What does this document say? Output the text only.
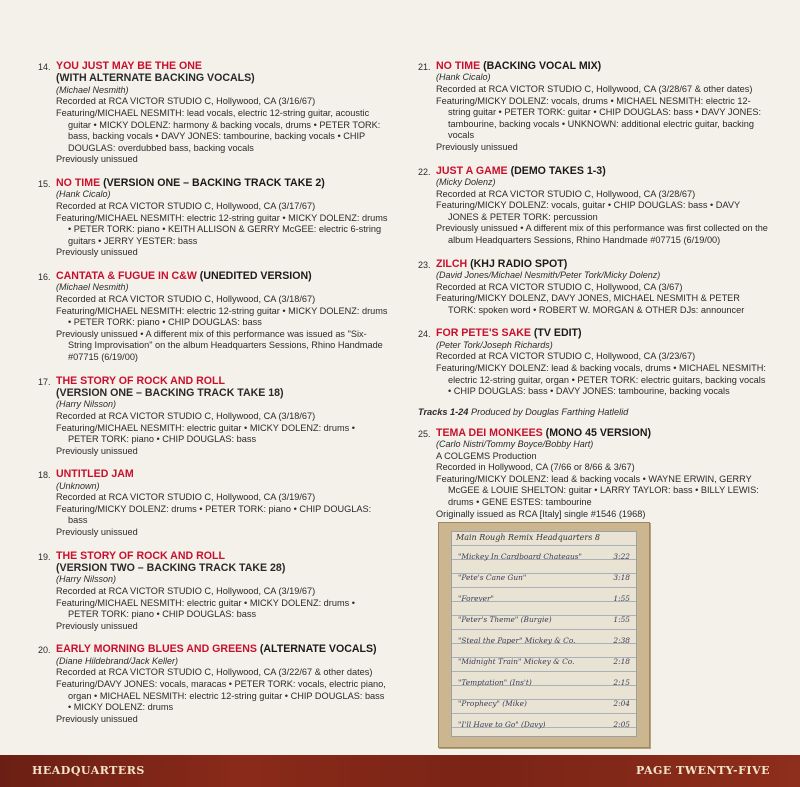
14. YOU JUST MAY BE THE ONE
(WITH ALTERNATE BACKING VOCALS)
(Michael Nesmith)
Recorded at RCA VICTOR STUDIO C, Hollywood, CA (3/16/67)
Featuring/MICHAEL NESMITH: lead vocals, electric 12-string guitar, acoustic guitar • MICKY DOLENZ: harmony & backing vocals, drums • PETER TORK: bass, backing vocals • DAVY JONES: tambourine, backing vocals • CHIP DOUGLAS: overdubbed bass, backing vocals
Previously unissued
15. NO TIME (VERSION ONE – BACKING TRACK TAKE 2)
(Hank Cicalo)
Recorded at RCA VICTOR STUDIO C, Hollywood, CA (3/17/67)
Featuring/MICHAEL NESMITH: electric 12-string guitar • MICKY DOLENZ: drums • PETER TORK: piano • KEITH ALLISON & GERRY McGEE: electric 6-string guitars • JERRY YESTER: bass
Previously unissued
16. CANTATA & FUGUE IN C&W (UNEDITED VERSION)
(Michael Nesmith)
Recorded at RCA VICTOR STUDIO C, Hollywood, CA (3/18/67)
Featuring/MICHAEL NESMITH: electric 12-string guitar • MICKY DOLENZ: drums • PETER TORK: piano • CHIP DOUGLAS: bass
Previously unissued • A different mix of this performance was issued as "Six-String Improvisation" on the album Headquarters Sessions, Rhino Handmade #07715 (6/19/00)
17. THE STORY OF ROCK AND ROLL
(VERSION ONE – BACKING TRACK TAKE 18)
(Harry Nilsson)
Recorded at RCA VICTOR STUDIO C, Hollywood, CA (3/18/67)
Featuring/MICHAEL NESMITH: electric guitar • MICKY DOLENZ: drums • PETER TORK: piano • CHIP DOUGLAS: bass
Previously unissued
18. UNTITLED JAM
(Unknown)
Recorded at RCA VICTOR STUDIO C, Hollywood, CA (3/19/67)
Featuring/MICKY DOLENZ: drums • PETER TORK: piano • CHIP DOUGLAS: bass
Previously unissued
19. THE STORY OF ROCK AND ROLL
(VERSION TWO – BACKING TRACK TAKE 28)
(Harry Nilsson)
Recorded at RCA VICTOR STUDIO C, Hollywood, CA (3/19/67)
Featuring/MICHAEL NESMITH: electric guitar • MICKY DOLENZ: drums • PETER TORK: piano • CHIP DOUGLAS: bass
Previously unissued
20. EARLY MORNING BLUES AND GREENS (ALTERNATE VOCALS)
(Diane Hildebrand/Jack Keller)
Recorded at RCA VICTOR STUDIO C, Hollywood, CA (3/22/67 & other dates)
Featuring/DAVY JONES: vocals, maracas • PETER TORK: vocals, electric piano, organ • MICHAEL NESMITH: electric 12-string guitar • CHIP DOUGLAS: bass • MICKY DOLENZ: drums
Previously unissued
21. NO TIME (BACKING VOCAL MIX)
(Hank Cicalo)
Recorded at RCA VICTOR STUDIO C, Hollywood, CA (3/28/67 & other dates)
Featuring/MICKY DOLENZ: vocals, drums • MICHAEL NESMITH: electric 12-string guitar • PETER TORK: guitar • CHIP DOUGLAS: bass • DAVY JONES: tambourine, backing vocals • UNKNOWN: additional electric guitar, backing vocals
Previously unissued
22. JUST A GAME (DEMO TAKES 1-3)
(Micky Dolenz)
Recorded at RCA VICTOR STUDIO C, Hollywood, CA (3/28/67)
Featuring/MICKY DOLENZ: vocals, guitar • CHIP DOUGLAS: bass • DAVY JONES & PETER TORK: percussion
Previously unissued • A different mix of this performance was first collected on the album Headquarters Sessions, Rhino Handmade #07715 (6/19/00)
23. ZILCH (KHJ RADIO SPOT)
(David Jones/Michael Nesmith/Peter Tork/Micky Dolenz)
Recorded at RCA VICTOR STUDIO C, Hollywood, CA (3/67)
Featuring/MICKY DOLENZ, DAVY JONES, MICHAEL NESMITH & PETER TORK: spoken word • ROBERT W. MORGAN & OTHER DJs: announcer
24. FOR PETE'S SAKE (TV EDIT)
(Peter Tork/Joseph Richards)
Recorded at RCA VICTOR STUDIO C, Hollywood, CA (3/23/67)
Featuring/MICKY DOLENZ: lead & backing vocals, drums • MICHAEL NESMITH: electric 12-string guitar, organ • PETER TORK: electric guitars, backing vocals • CHIP DOUGLAS: bass • DAVY JONES: tambourine, backing vocals
Tracks 1-24 Produced by Douglas Farthing Hatlelid
25. TEMA DEI MONKEES (MONO 45 VERSION)
(Carlo Nistri/Tommy Boyce/Bobby Hart)
A COLGEMS Production
Recorded in Hollywood, CA (7/66 or 8/66 & 3/67)
Featuring/MICKY DOLENZ: lead & backing vocals • WAYNE ERWIN, GERRY McGEE & LOUIE SHELTON: guitar • LARRY TAYLOR: bass • BILLY LEWIS: drums • GENE ESTES: tambourine
Originally issued as RCA [Italy] single #1546 (1968)
Main Rough Remix Headquarters 8
"Mickey In Cardboard Chateaus"	3:22
"Pete's Cane Gun"	3:18
"Forever"	1:55
"Peter's Theme" (Burgie)	1:55
"Steal the Paper" Mickey & Co.	2:38
"Midnight Train" Mickey & Co.	2:18
"Temptation" (Ins't)	2:15
"Prophecy" (Mike)	2:04
"I'll Have to Go" (Davy)	2:05
HEADQUARTERS	PAGE TWENTY-FIVE
